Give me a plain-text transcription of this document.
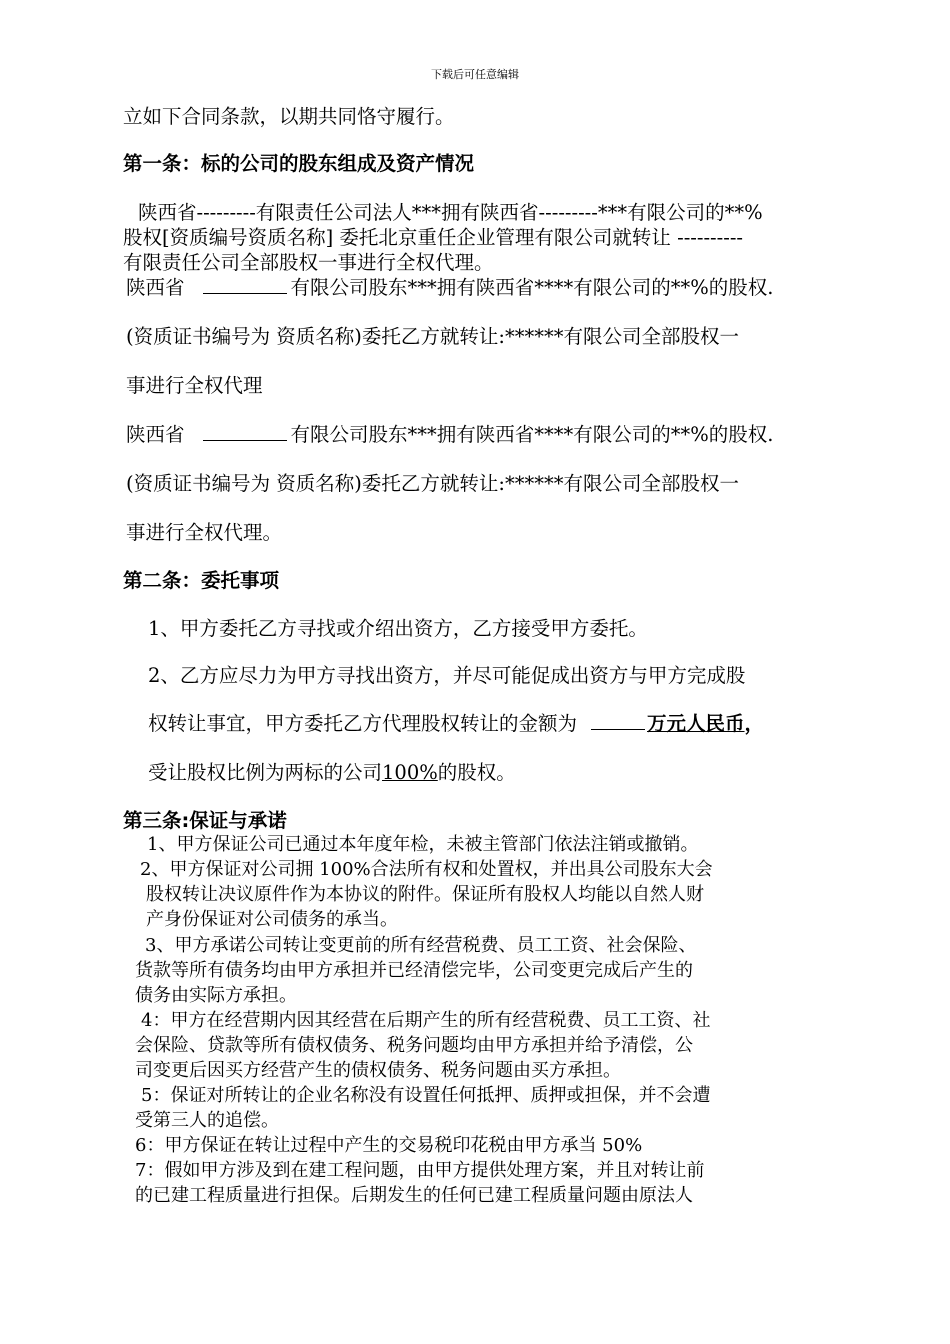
下载后可任意编辑
立如下合同条款，以期共同恪守履行。
第一条：标的公司的股东组成及资产情况
陕西省---------有限责任公司法人***拥有陕西省---------***有限公司的**%
股权[资质编号资质名称] 委托北京重任企业管理有限公司就转让 ----------
有限责任公司全部股权一事进行全权代理。
陕西省	有限公司股东***拥有陕西省****有限公司的**%的股权.
(资质证书编号为 资质名称)委托乙方就转让:******有限公司全部股权一
事进行全权代理
陕西省	有限公司股东***拥有陕西省****有限公司的**%的股权.
(资质证书编号为 资质名称)委托乙方就转让:******有限公司全部股权一
事进行全权代理。
第二条：委托事项
1、甲方委托乙方寻找或介绍出资方，乙方接受甲方委托。
2、乙方应尽力为甲方寻找出资方，并尽可能促成出资方与甲方完成股
权转让事宜，甲方委托乙方代理股权转让的金额为	万元人民币，
受让股权比例为两标的公司100%的股权。
第三条:保证与承诺
1、甲方保证公司已通过本年度年检，未被主管部门依法注销或撤销。
2、甲方保证对公司拥 100%合法所有权和处置权，并出具公司股东大会
股权转让决议原件作为本协议的附件。保证所有股权人均能以自然人财
产身份保证对公司债务的承当。
3、甲方承诺公司转让变更前的所有经营税费、员工工资、社会保险、
货款等所有债务均由甲方承担并已经清偿完毕，公司变更完成后产生的
债务由实际方承担。
4：甲方在经营期内因其经营在后期产生的所有经营税费、员工工资、社
会保险、贷款等所有债权债务、税务问题均由甲方承担并给予清偿，公
司变更后因买方经营产生的债权债务、税务问题由买方承担。
5：保证对所转让的企业名称没有设置任何抵押、质押或担保，并不会遭
受第三人的追偿。
6：甲方保证在转让过程中产生的交易税印花税由甲方承当 50%
7：假如甲方涉及到在建工程问题，由甲方提供处理方案，并且对转让前
的已建工程质量进行担保。后期发生的任何已建工程质量问题由原法人
